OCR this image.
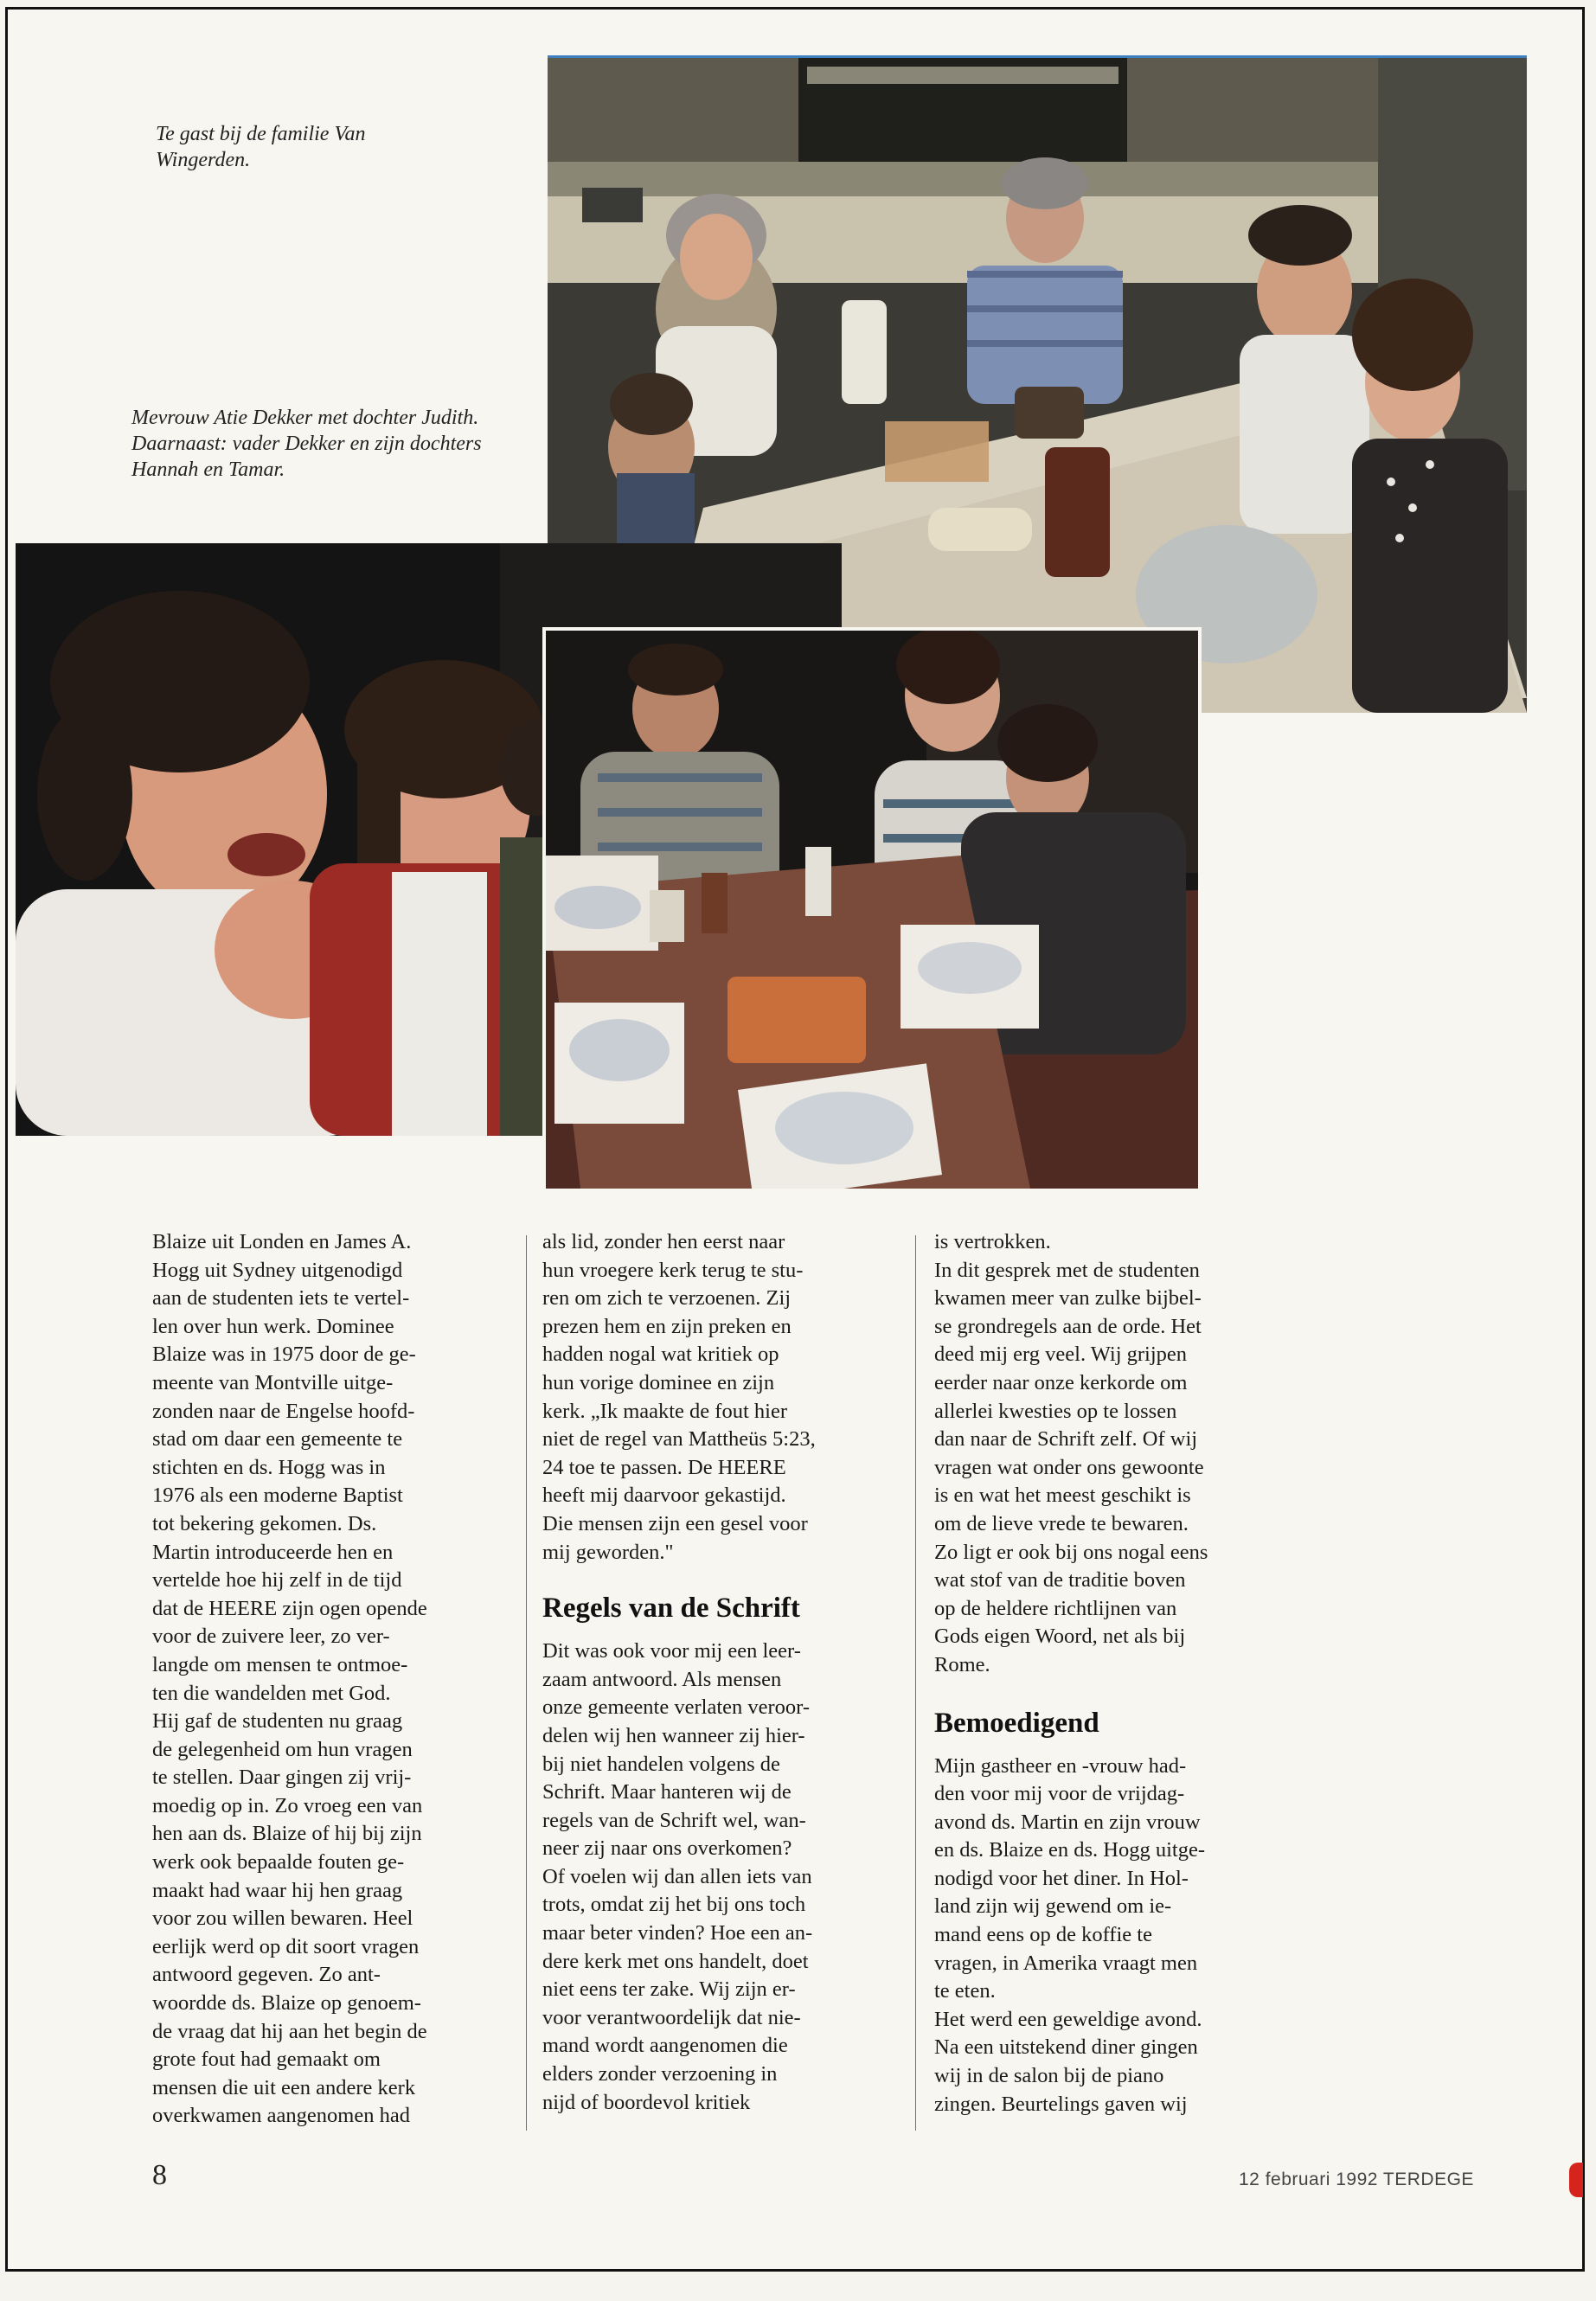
Te gast bij de familie Van Wingerden.
Mevrouw Atie Dekker met dochter Judith. Daarnaast: vader Dekker en zijn dochters Hannah en Tamar.

Blaize uit Londen en James A.
Hogg uit Sydney uitgenodigd
aan de studenten iets te vertel-
len over hun werk. Dominee
Blaize was in 1975 door de ge-
meente van Montville uitge-
zonden naar de Engelse hoofd-
stad om daar een gemeente te
stichten en ds. Hogg was in
1976 als een moderne Baptist
tot bekering gekomen. Ds.
Martin introduceerde hen en
vertelde hoe hij zelf in de tijd
dat de HEERE zijn ogen opende
voor de zuivere leer, zo ver-
langde om mensen te ontmoe-
ten die wandelden met God.
Hij gaf de studenten nu graag
de gelegenheid om hun vragen
te stellen. Daar gingen zij vrij-
moedig op in. Zo vroeg een van
hen aan ds. Blaize of hij bij zijn
werk ook bepaalde fouten ge-
maakt had waar hij hen graag
voor zou willen bewaren. Heel
eerlijk werd op dit soort vragen
antwoord gegeven. Zo ant-
woordde ds. Blaize op genoem-
de vraag dat hij aan het begin de
grote fout had gemaakt om
mensen die uit een andere kerk
overkwamen aangenomen had

als lid, zonder hen eerst naar
hun vroegere kerk terug te stu-
ren om zich te verzoenen. Zij
prezen hem en zijn preken en
hadden nogal wat kritiek op
hun vorige dominee en zijn
kerk. „Ik maakte de fout hier
niet de regel van Mattheüs 5:23,
24 toe te passen. De HEERE
heeft mij daarvoor gekastijd.
Die mensen zijn een gesel voor
mij geworden."

Regels van de Schrift

Dit was ook voor mij een leer-
zaam antwoord. Als mensen
onze gemeente verlaten veroor-
delen wij hen wanneer zij hier-
bij niet handelen volgens de
Schrift. Maar hanteren wij de
regels van de Schrift wel, wan-
neer zij naar ons overkomen?
Of voelen wij dan allen iets van
trots, omdat zij het bij ons toch
maar beter vinden? Hoe een an-
dere kerk met ons handelt, doet
niet eens ter zake. Wij zijn er-
voor verantwoordelijk dat nie-
mand wordt aangenomen die
elders zonder verzoening in
nijd of boordevol kritiek

is vertrokken.
In dit gesprek met de studenten
kwamen meer van zulke bijbel-
se grondregels aan de orde. Het
deed mij erg veel. Wij grijpen
eerder naar onze kerkorde om
allerlei kwesties op te lossen
dan naar de Schrift zelf. Of wij
vragen wat onder ons gewoonte
is en wat het meest geschikt is
om de lieve vrede te bewaren.
Zo ligt er ook bij ons nogal eens
wat stof van de traditie boven
op de heldere richtlijnen van
Gods eigen Woord, net als bij
Rome.

Bemoedigend

Mijn gastheer en -vrouw had-
den voor mij voor de vrijdag-
avond ds. Martin en zijn vrouw
en ds. Blaize en ds. Hogg uitge-
nodigd voor het diner. In Hol-
land zijn wij gewend om ie-
mand eens op de koffie te
vragen, in Amerika vraagt men
te eten.
Het werd een geweldige avond.
Na een uitstekend diner gingen
wij in de salon bij de piano
zingen. Beurtelings gaven wij

8	12 februari 1992 TERDEGE
